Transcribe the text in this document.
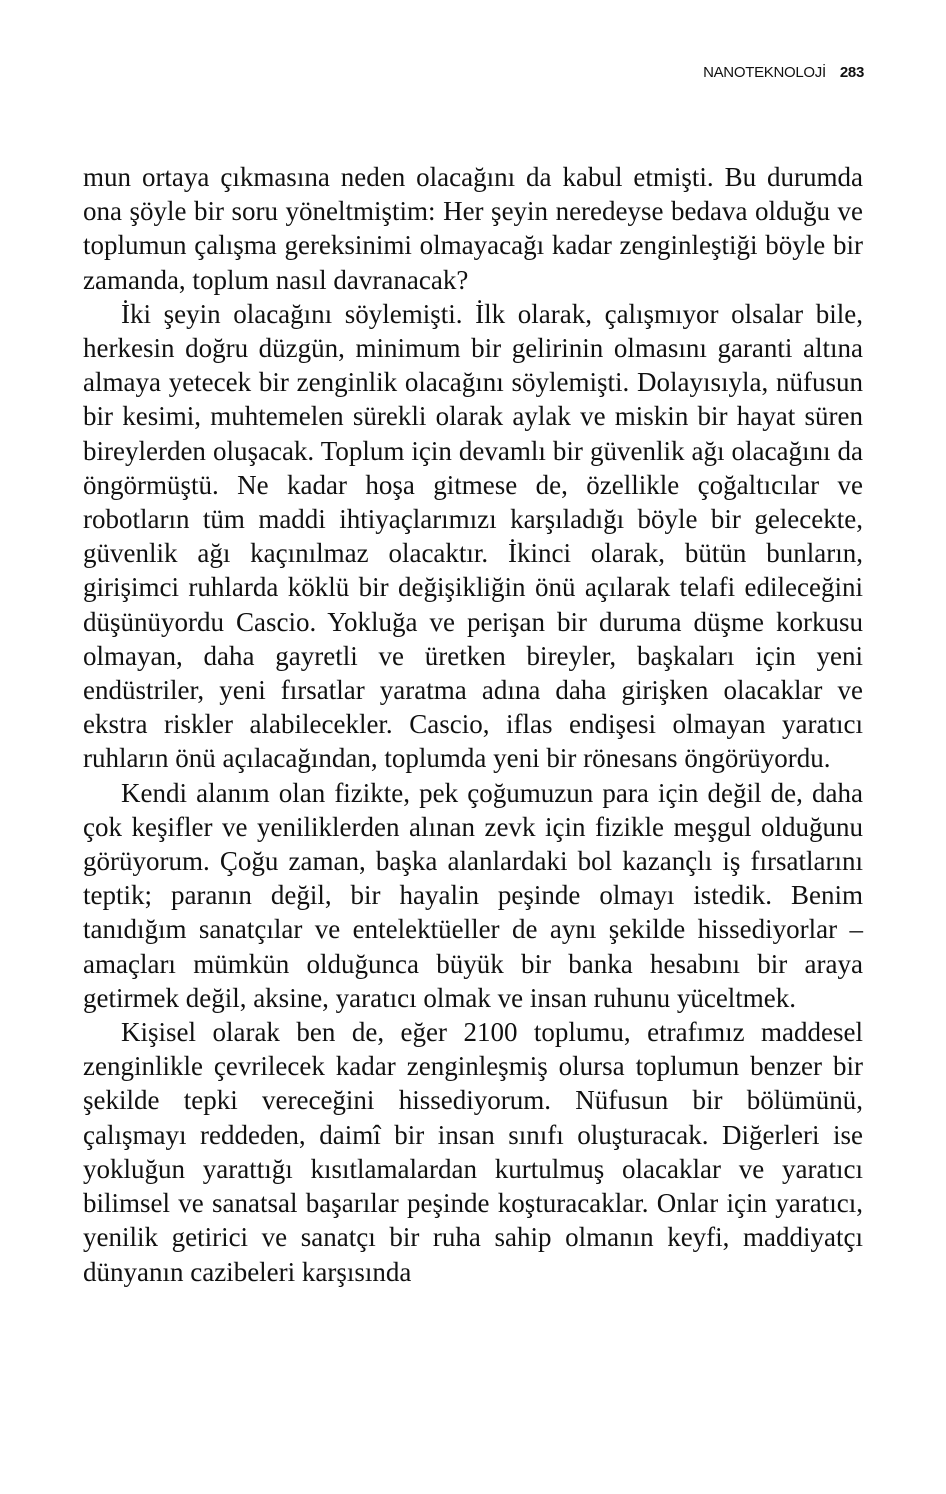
NANOTEKNOLOJİ 283

mun ortaya çıkmasına neden olacağını da kabul etmişti. Bu durumda ona şöyle bir soru yöneltmiştim: Her şeyin neredeyse bedava olduğu ve toplumun çalışma gereksinimi olmayacağı kadar zenginleştiği böyle bir zamanda, toplum nasıl davranacak?

İki şeyin olacağını söylemişti. İlk olarak, çalışmıyor olsalar bile, herkesin doğru düzgün, minimum bir gelirinin olmasını garanti altına almaya yetecek bir zenginlik olacağını söylemişti. Dolayısıyla, nüfusun bir kesimi, muhtemelen sürekli olarak aylak ve miskin bir hayat süren bireylerden oluşacak. Toplum için devamlı bir güvenlik ağı olacağını da öngörmüştü. Ne kadar hoşa gitmese de, özellikle çoğaltıcılar ve robotların tüm maddi ihtiyaçlarımızı karşıladığı böyle bir gelecekte, güvenlik ağı kaçınılmaz olacaktır. İkinci olarak, bütün bunların, girişimci ruhlarda köklü bir değişikliğin önü açılarak telafi edileceğini düşünüyordu Cascio. Yokluğa ve perişan bir duruma düşme korkusu olmayan, daha gayretli ve üretken bireyler, başkaları için yeni endüstriler, yeni fırsatlar yaratma adına daha girişken olacaklar ve ekstra riskler alabilecekler. Cascio, iflas endişesi olmayan yaratıcı ruhların önü açılacağından, toplumda yeni bir rönesans öngörüyordu.

Kendi alanım olan fizikte, pek çoğumuzun para için değil de, daha çok keşifler ve yeniliklerden alınan zevk için fizikle meşgul olduğunu görüyorum. Çoğu zaman, başka alanlardaki bol kazançlı iş fırsatlarını teptik; paranın değil, bir hayalin peşinde olmayı istedik. Benim tanıdığım sanatçılar ve entelektüeller de aynı şekilde hissediyorlar – amaçları mümkün olduğunca büyük bir banka hesabını bir araya getirmek değil, aksine, yaratıcı olmak ve insan ruhunu yüceltmek.

Kişisel olarak ben de, eğer 2100 toplumu, etrafımız maddesel zenginlikle çevrilecek kadar zenginleşmiş olursa toplumun benzer bir şekilde tepki vereceğini hissediyorum. Nüfusun bir bölümünü, çalışmayı reddeden, daimî bir insan sınıfı oluşturacak. Diğerleri ise yokluğun yarattığı kısıtlamalardan kurtulmuş olacaklar ve yaratıcı bilimsel ve sanatsal başarılar peşinde koşturacaklar. Onlar için yaratıcı, yenilik getirici ve sanatçı bir ruha sahip olmanın keyfi, maddiyatçı dünyanın cazibeleri karşısında
